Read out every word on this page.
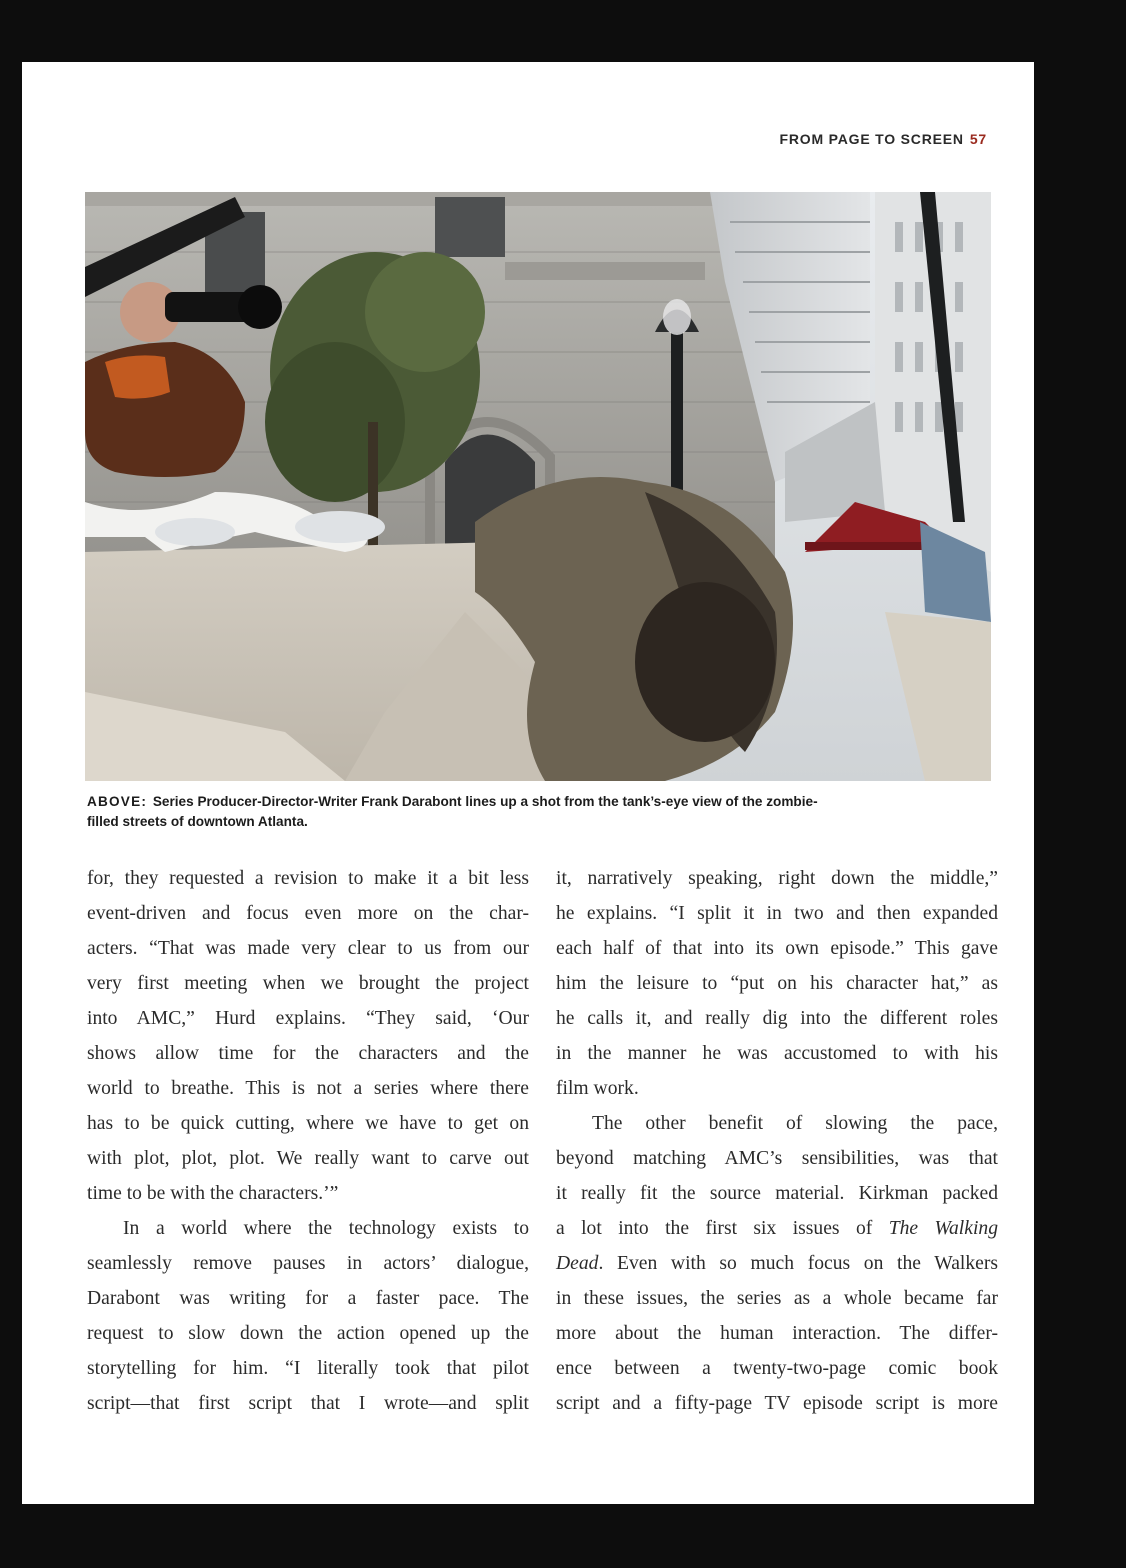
FROM PAGE TO SCREEN 57
ABOVE: Series Producer-Director-Writer Frank Darabont lines up a shot from the tank’s-eye view of the zombie-
filled streets of downtown Atlanta.
for, they requested a revision to make it a bit less
event-driven and focus even more on the char-
acters. “That was made very clear to us from our
very first meeting when we brought the project
into AMC,” Hurd explains. “They said, ‘Our
shows allow time for the characters and the
world to breathe. This is not a series where there
has to be quick cutting, where we have to get on
with plot, plot, plot. We really want to carve out
time to be with the characters.’”
In a world where the technology exists to
seamlessly remove pauses in actors’ dialogue,
Darabont was writing for a faster pace. The
request to slow down the action opened up the
storytelling for him. “I literally took that pilot
script—that first script that I wrote—and split
it, narratively speaking, right down the middle,”
he explains. “I split it in two and then expanded
each half of that into its own episode.” This gave
him the leisure to “put on his character hat,” as
he calls it, and really dig into the different roles
in the manner he was accustomed to with his
film work.
The other benefit of slowing the pace,
beyond matching AMC’s sensibilities, was that
it really fit the source material. Kirkman packed
a lot into the first six issues of The Walking
Dead. Even with so much focus on the Walkers
in these issues, the series as a whole became far
more about the human interaction. The differ-
ence between a twenty-two-page comic book
script and a fifty-page TV episode script is more
